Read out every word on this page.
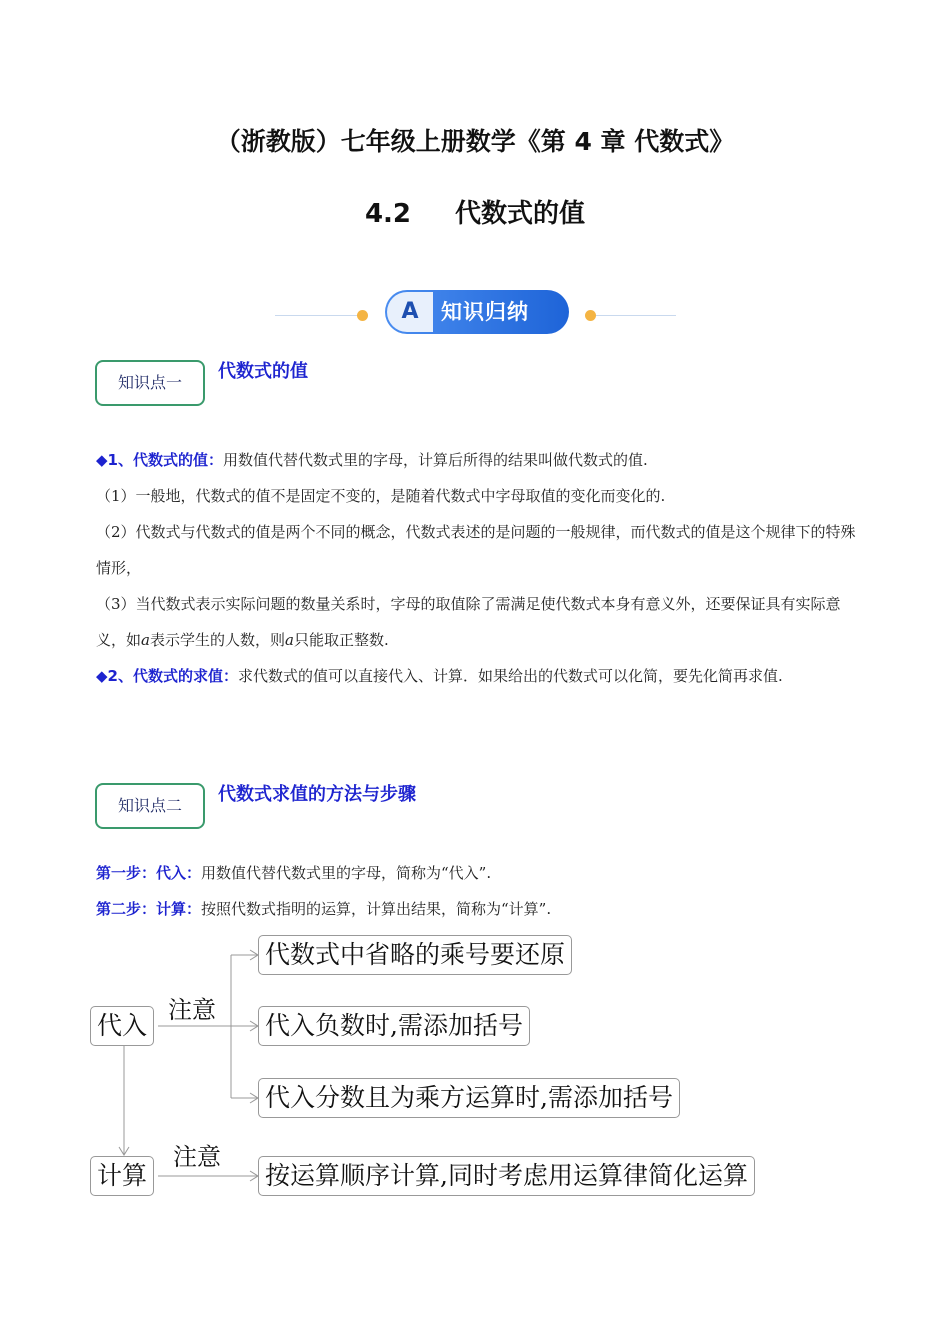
（浙教版）七年级上册数学《第 4 章 代数式》
4.2 代数式的值
A	知识归纳
知识点一
代数式的值
◆1、代数式的值：用数值代替代数式里的字母，计算后所得的结果叫做代数式的值.
（1）一般地，代数式的值不是固定不变的，是随着代数式中字母取值的变化而变化的.
（2）代数式与代数式的值是两个不同的概念，代数式表述的是问题的一般规律，而代数式的值是这个规律下的特殊情形，
（3）当代数式表示实际问题的数量关系时，字母的取值除了需满足使代数式本身有意义外，还要保证具有实际意义，如a表示学生的人数，则a只能取正整数.
◆2、代数式的求值：求代数式的值可以直接代入、计算．如果给出的代数式可以化简，要先化简再求值.
知识点二
代数式求值的方法与步骤
第一步：代入：用数值代替代数式里的字母，简称为“代入”.
第二步：计算：按照代数式指明的运算，计算出结果，简称为“计算”.
代入
计算
注意
注意
代数式中省略的乘号要还原
代入负数时,需添加括号
代入分数且为乘方运算时,需添加括号
按运算顺序计算,同时考虑用运算律简化运算
